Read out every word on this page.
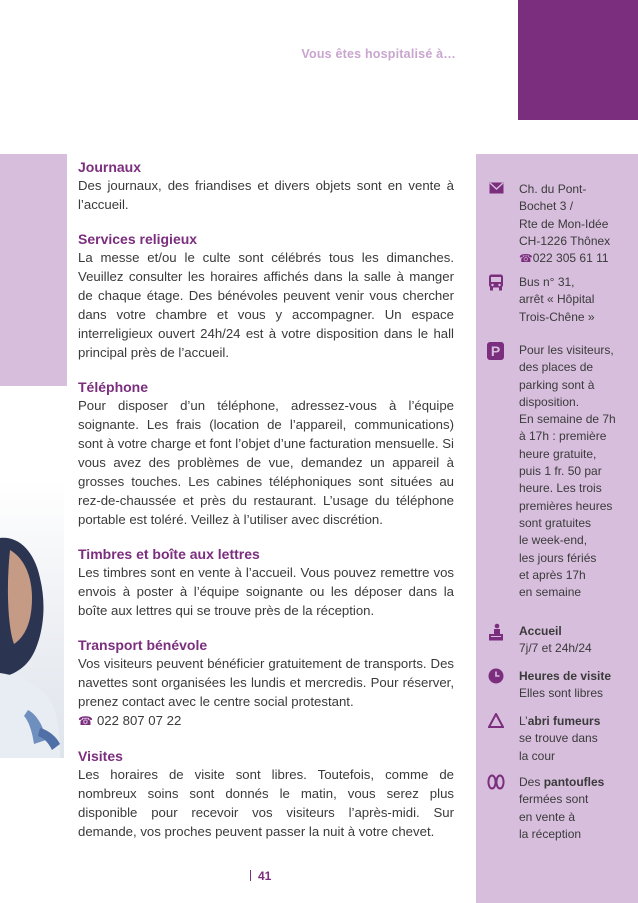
Vous êtes hospitalisé à…
Journaux
Des journaux, des friandises et divers objets sont en vente à l’accueil.
Services religieux
La messe et/ou le culte sont célébrés tous les dimanches. Veuillez consulter les horaires affichés dans la salle à manger de chaque étage. Des bénévoles peuvent venir vous chercher dans votre chambre et vous y accompagner. Un espace interreligieux ouvert 24h/24 est à votre disposition dans le hall principal près de l’accueil.
Téléphone
Pour disposer d’un téléphone, adressez-vous à l’équipe soignante. Les frais (location de l’appareil, communications) sont à votre charge et font l’objet d’une facturation mensuelle. Si vous avez des problèmes de vue, demandez un appareil à grosses touches. Les cabines téléphoniques sont situées au rez-de-chaussée et près du restaurant. L’usage du téléphone portable est toléré. Veillez à l’utiliser avec discrétion.
Timbres et boîte aux lettres
Les timbres sont en vente à l’accueil. Vous pouvez remettre vos envois à poster à l’équipe soignante ou les déposer dans la boîte aux lettres qui se trouve près de la réception.
Transport bénévole
Vos visiteurs peuvent bénéficier gratuitement de transports. Des navettes sont organisées les lundis et mercredis. Pour réserver, prenez contact avec le centre social protestant.
☎ 022 807 07 22
Visites
Les horaires de visite sont libres. Toutefois, comme de nombreux soins sont donnés le matin, vous serez plus disponible pour recevoir vos visiteurs l’après-midi. Sur demande, vos proches peuvent passer la nuit à votre chevet.
Ch. du Pont-
Bochet 3 /
Rte de Mon-Idée
CH-1226 Thônex
☎022 305 61 11
Bus n° 31,
arrêt « Hôpital
Trois-Chêne »
P	Pour les visiteurs,
des places de
parking sont à
disposition.
En semaine de 7h
à 17h : première
heure gratuite,
puis 1 fr. 50 par
heure. Les trois
premières heures
sont gratuites
le week-end,
les jours fériés
et après 17h
en semaine
Accueil
7j/7 et 24h/24
Heures de visite
Elles sont libres
L’abri fumeurs
se trouve dans
la cour
Des pantoufles
fermées sont
en vente à
la réception
41
